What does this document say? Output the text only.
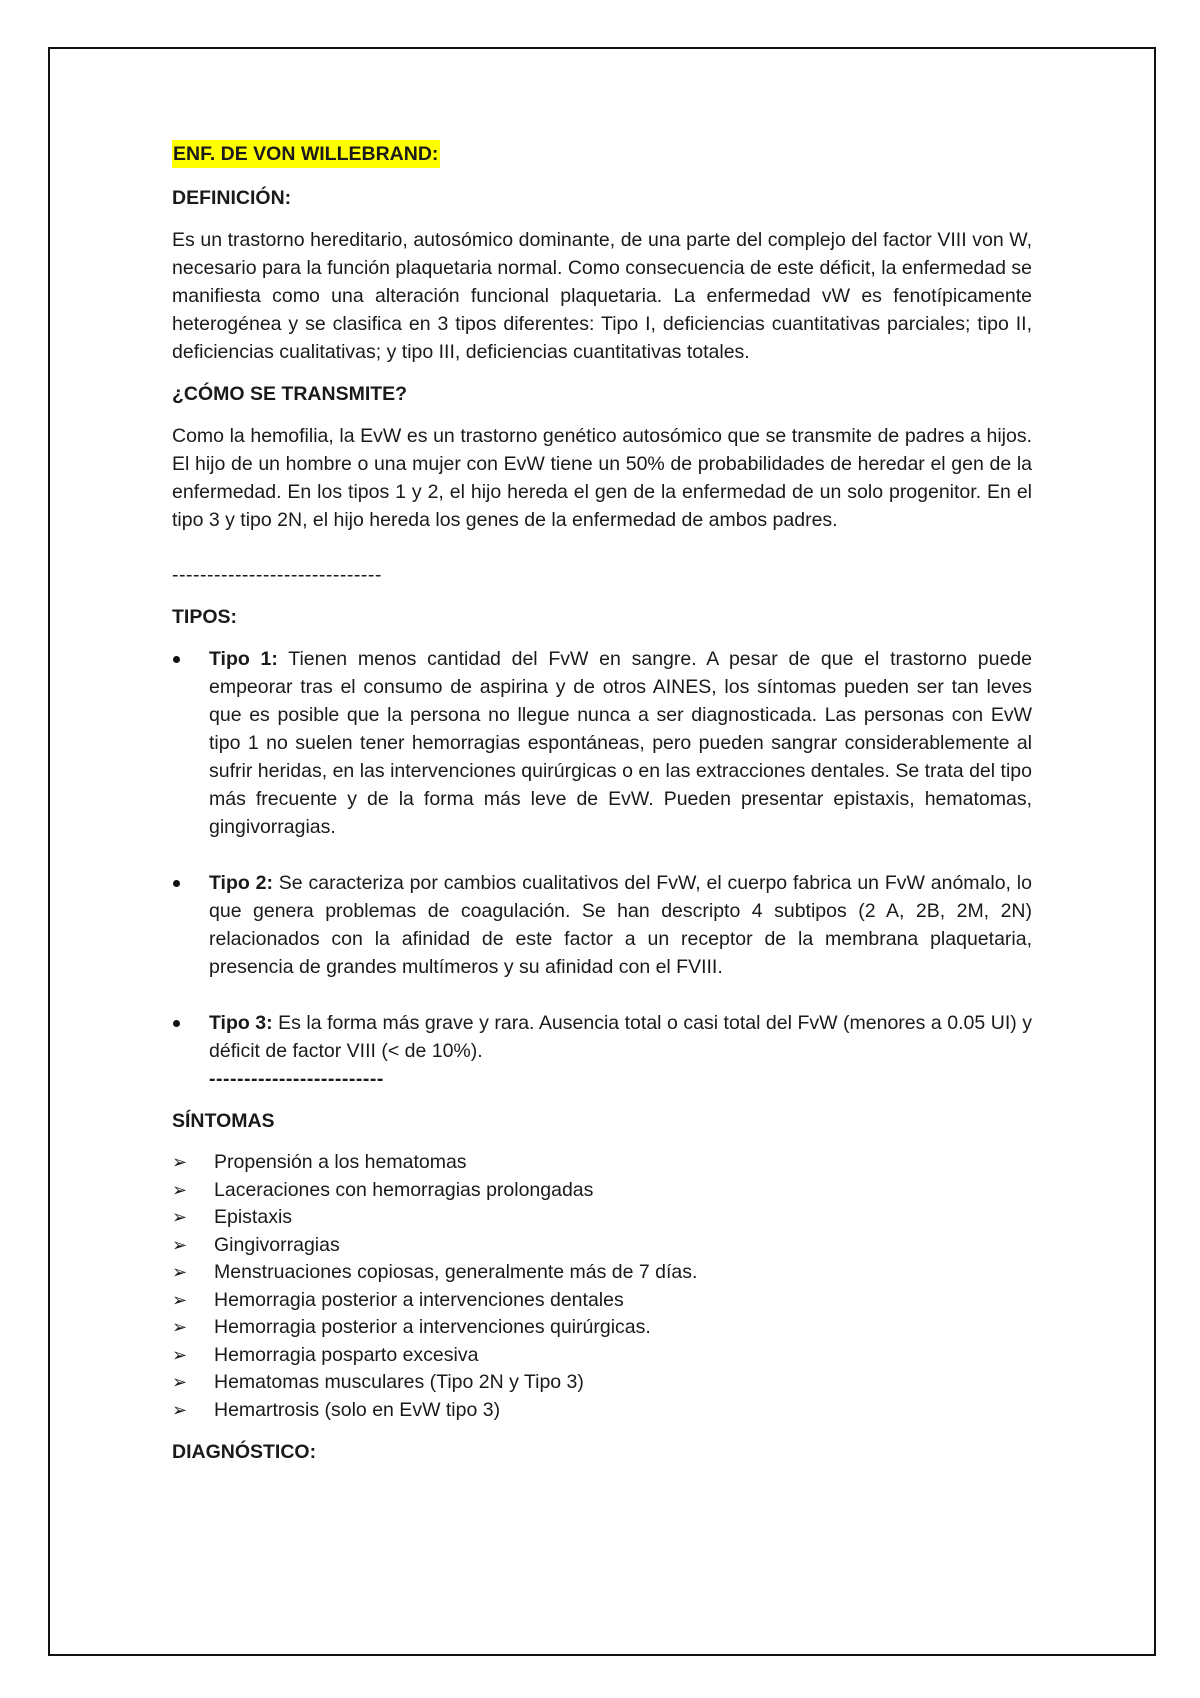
ENF. DE VON WILLEBRAND:
DEFINICIÓN:

Es un trastorno hereditario, autosómico dominante, de una parte del complejo del factor VIII von W, necesario para la función plaquetaria normal. Como consecuencia de este déficit, la enfermedad se manifiesta como una alteración funcional plaquetaria. La enfermedad vW es fenotípicamente heterogénea y se clasifica en 3 tipos diferentes: Tipo I, deficiencias cuantitativas parciales; tipo II, deficiencias cualitativas; y tipo III, deficiencias cuantitativas totales.

¿CÓMO SE TRANSMITE?

Como la hemofilia, la EvW es un trastorno genético autosómico que se transmite de padres a hijos. El hijo de un hombre o una mujer con EvW tiene un 50% de probabilidades de heredar el gen de la enfermedad. En los tipos 1 y 2, el hijo hereda el gen de la enfermedad de un solo progenitor. En el tipo 3 y tipo 2N, el hijo hereda los genes de la enfermedad de ambos padres.

------------------------------
TIPOS:
Tipo 1: Tienen menos cantidad del FvW en sangre. A pesar de que el trastorno puede empeorar tras el consumo de aspirina y de otros AINES, los síntomas pueden ser tan leves que es posible que la persona no llegue nunca a ser diagnosticada. Las personas con EvW tipo 1 no suelen tener hemorragias espontáneas, pero pueden sangrar considerablemente al sufrir heridas, en las intervenciones quirúrgicas o en las extracciones dentales. Se trata del tipo más frecuente y de la forma más leve de EvW. Pueden presentar epistaxis, hematomas, gingivorragias.
Tipo 2: Se caracteriza por cambios cualitativos del FvW, el cuerpo fabrica un FvW anómalo, lo que genera problemas de coagulación. Se han descripto 4 subtipos (2 A, 2B, 2M, 2N) relacionados con la afinidad de este factor a un receptor de la membrana plaquetaria, presencia de grandes multímeros y su afinidad con el FVIII.
Tipo 3: Es la forma más grave y rara. Ausencia total o casi total del FvW (menores a 0.05 UI) y déficit de factor VIII (< de 10%).
-------------------------
SÍNTOMAS
➢ Propensión a los hematomas
➢ Laceraciones con hemorragias prolongadas
➢ Epistaxis
➢ Gingivorragias
➢ Menstruaciones copiosas, generalmente más de 7 días.
➢ Hemorragia posterior a intervenciones dentales
➢ Hemorragia posterior a intervenciones quirúrgicas.
➢ Hemorragia posparto excesiva
➢ Hematomas musculares (Tipo 2N y Tipo 3)
➢ Hemartrosis (solo en EvW tipo 3)
DIAGNÓSTICO:
